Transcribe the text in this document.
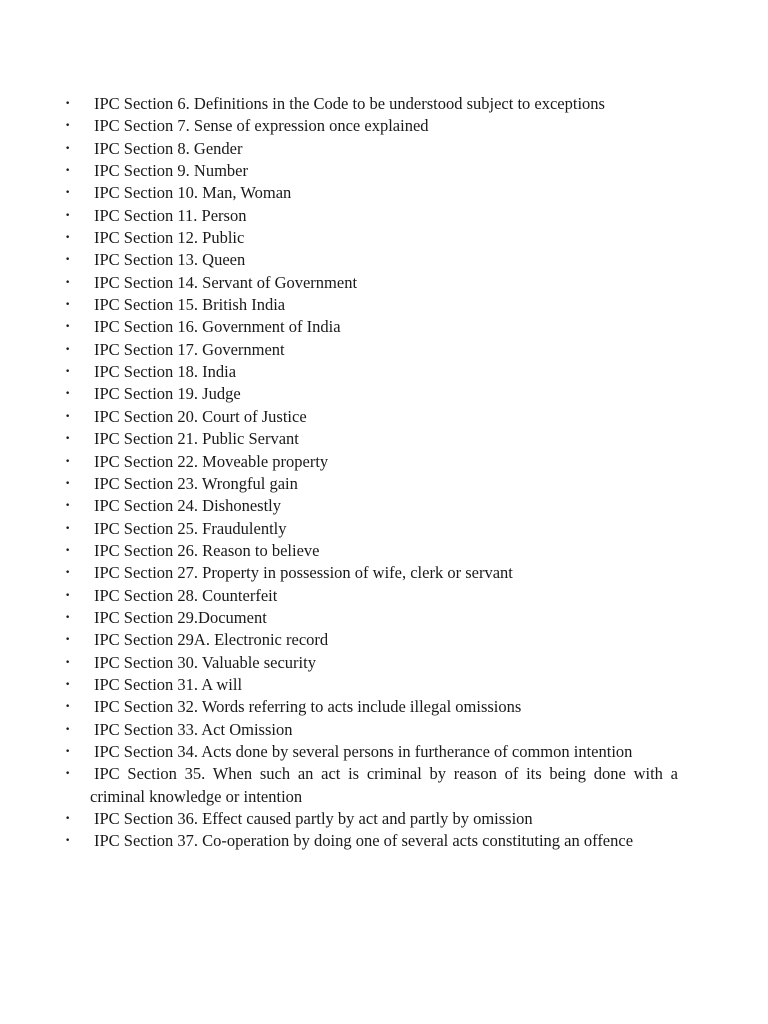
• IPC Section 6. Definitions in the Code to be understood subject to exceptions
• IPC Section 7. Sense of expression once explained
• IPC Section 8. Gender
• IPC Section 9. Number
• IPC Section 10. Man, Woman
• IPC Section 11. Person
• IPC Section 12. Public
• IPC Section 13. Queen
• IPC Section 14. Servant of Government
• IPC Section 15. British India
• IPC Section 16. Government of India
• IPC Section 17. Government
• IPC Section 18. India
• IPC Section 19. Judge
• IPC Section 20. Court of Justice
• IPC Section 21. Public Servant
• IPC Section 22. Moveable property
• IPC Section 23. Wrongful gain
• IPC Section 24. Dishonestly
• IPC Section 25. Fraudulently
• IPC Section 26. Reason to believe
• IPC Section 27. Property in possession of wife, clerk or servant
• IPC Section 28. Counterfeit
• IPC Section 29.Document
• IPC Section 29A. Electronic record
• IPC Section 30. Valuable security
• IPC Section 31. A will
• IPC Section 32. Words referring to acts include illegal omissions
• IPC Section 33. Act Omission
• IPC Section 34. Acts done by several persons in furtherance of common intention
• IPC Section 35. When such an act is criminal by reason of its being done with a criminal knowledge or intention
• IPC Section 36. Effect caused partly by act and partly by omission
• IPC Section 37. Co-operation by doing one of several acts constituting an offence
